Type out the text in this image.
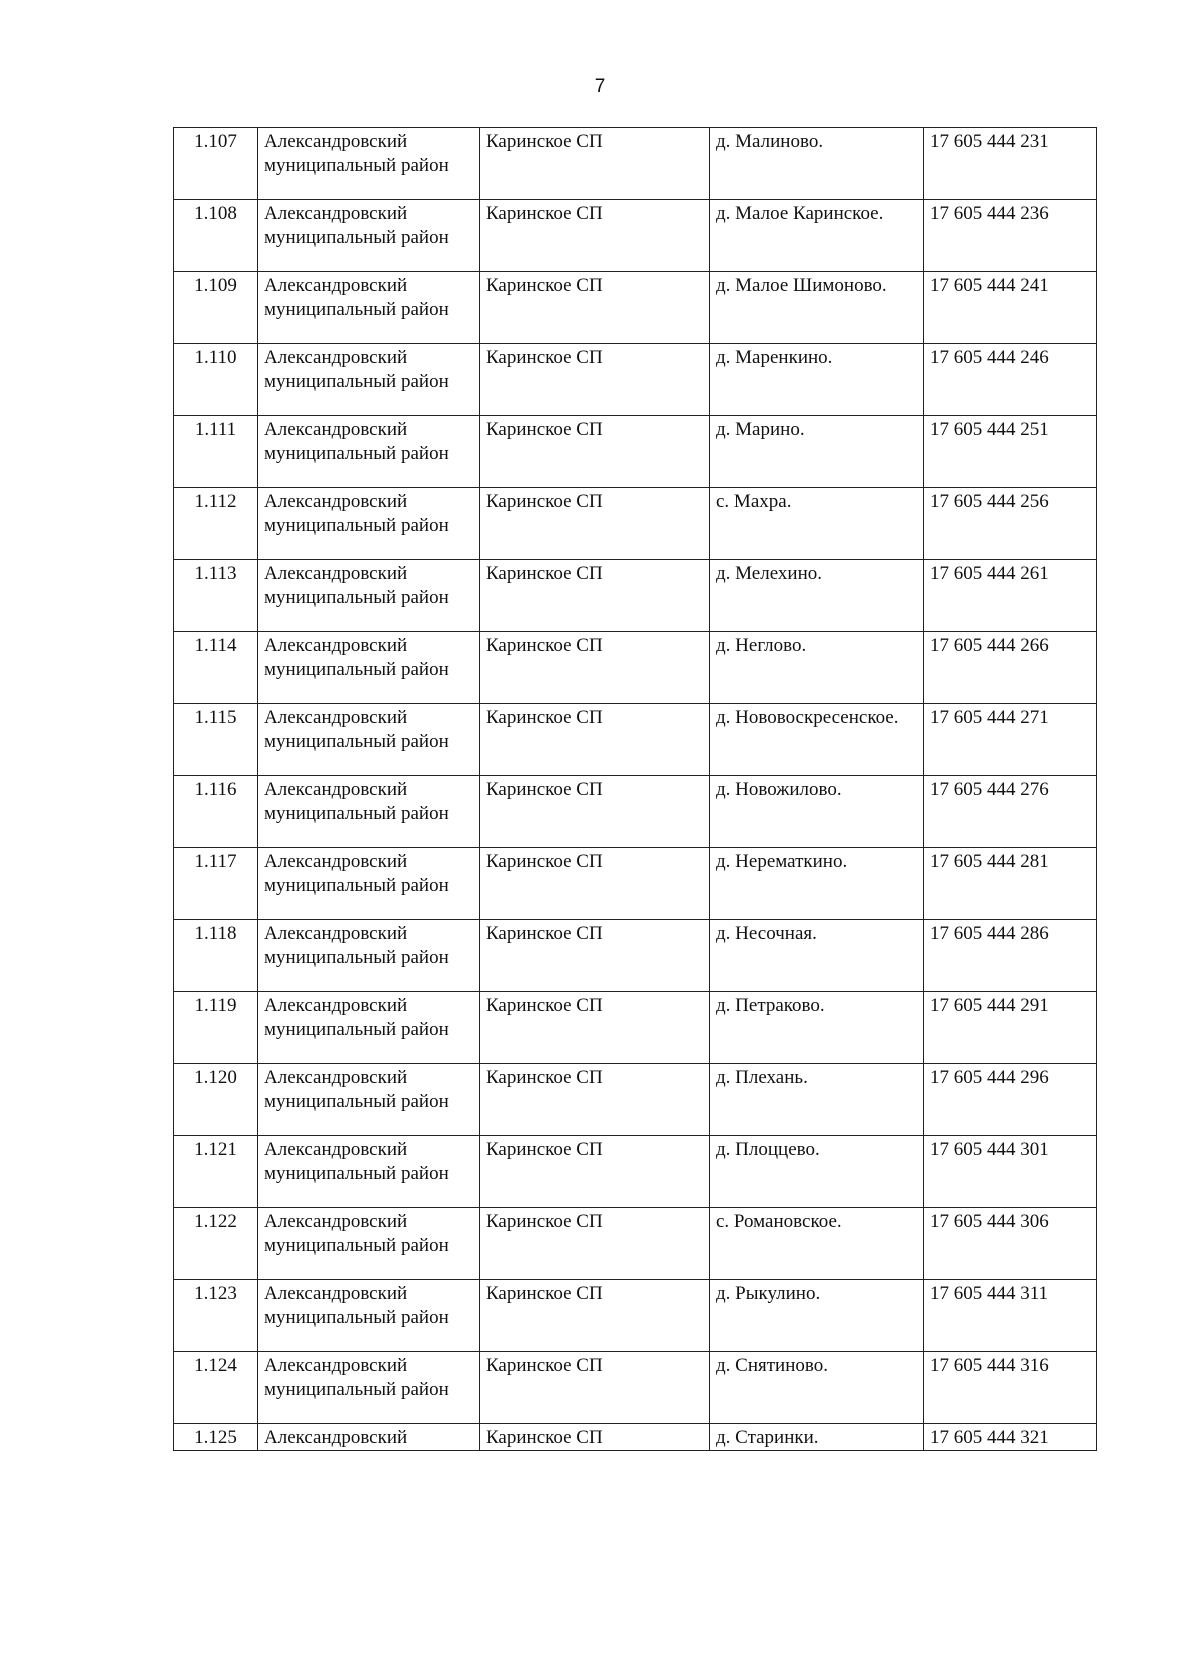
7
1.107	Александровский муниципальный район	Каринское СП	д. Малиново.	17 605 444 231
1.108	Александровский муниципальный район	Каринское СП	д. Малое Каринское.	17 605 444 236
1.109	Александровский муниципальный район	Каринское СП	д. Малое Шимоново.	17 605 444 241
1.110	Александровский муниципальный район	Каринское СП	д. Маренкино.	17 605 444 246
1.111	Александровский муниципальный район	Каринское СП	д. Марино.	17 605 444 251
1.112	Александровский муниципальный район	Каринское СП	с. Махра.	17 605 444 256
1.113	Александровский муниципальный район	Каринское СП	д. Мелехино.	17 605 444 261
1.114	Александровский муниципальный район	Каринское СП	д. Неглово.	17 605 444 266
1.115	Александровский муниципальный район	Каринское СП	д. Нововоскресенское.	17 605 444 271
1.116	Александровский муниципальный район	Каринское СП	д. Новожилово.	17 605 444 276
1.117	Александровский муниципальный район	Каринское СП	д. Нерематкино.	17 605 444 281
1.118	Александровский муниципальный район	Каринское СП	д. Несочная.	17 605 444 286
1.119	Александровский муниципальный район	Каринское СП	д. Петраково.	17 605 444 291
1.120	Александровский муниципальный район	Каринское СП	д. Плехань.	17 605 444 296
1.121	Александровский муниципальный район	Каринское СП	д. Плоццево.	17 605 444 301
1.122	Александровский муниципальный район	Каринское СП	с. Романовское.	17 605 444 306
1.123	Александровский муниципальный район	Каринское СП	д. Рыкулино.	17 605 444 311
1.124	Александровский муниципальный район	Каринское СП	д. Снятиново.	17 605 444 316
1.125	Александровский	Каринское СП	д. Старинки.	17 605 444 321
